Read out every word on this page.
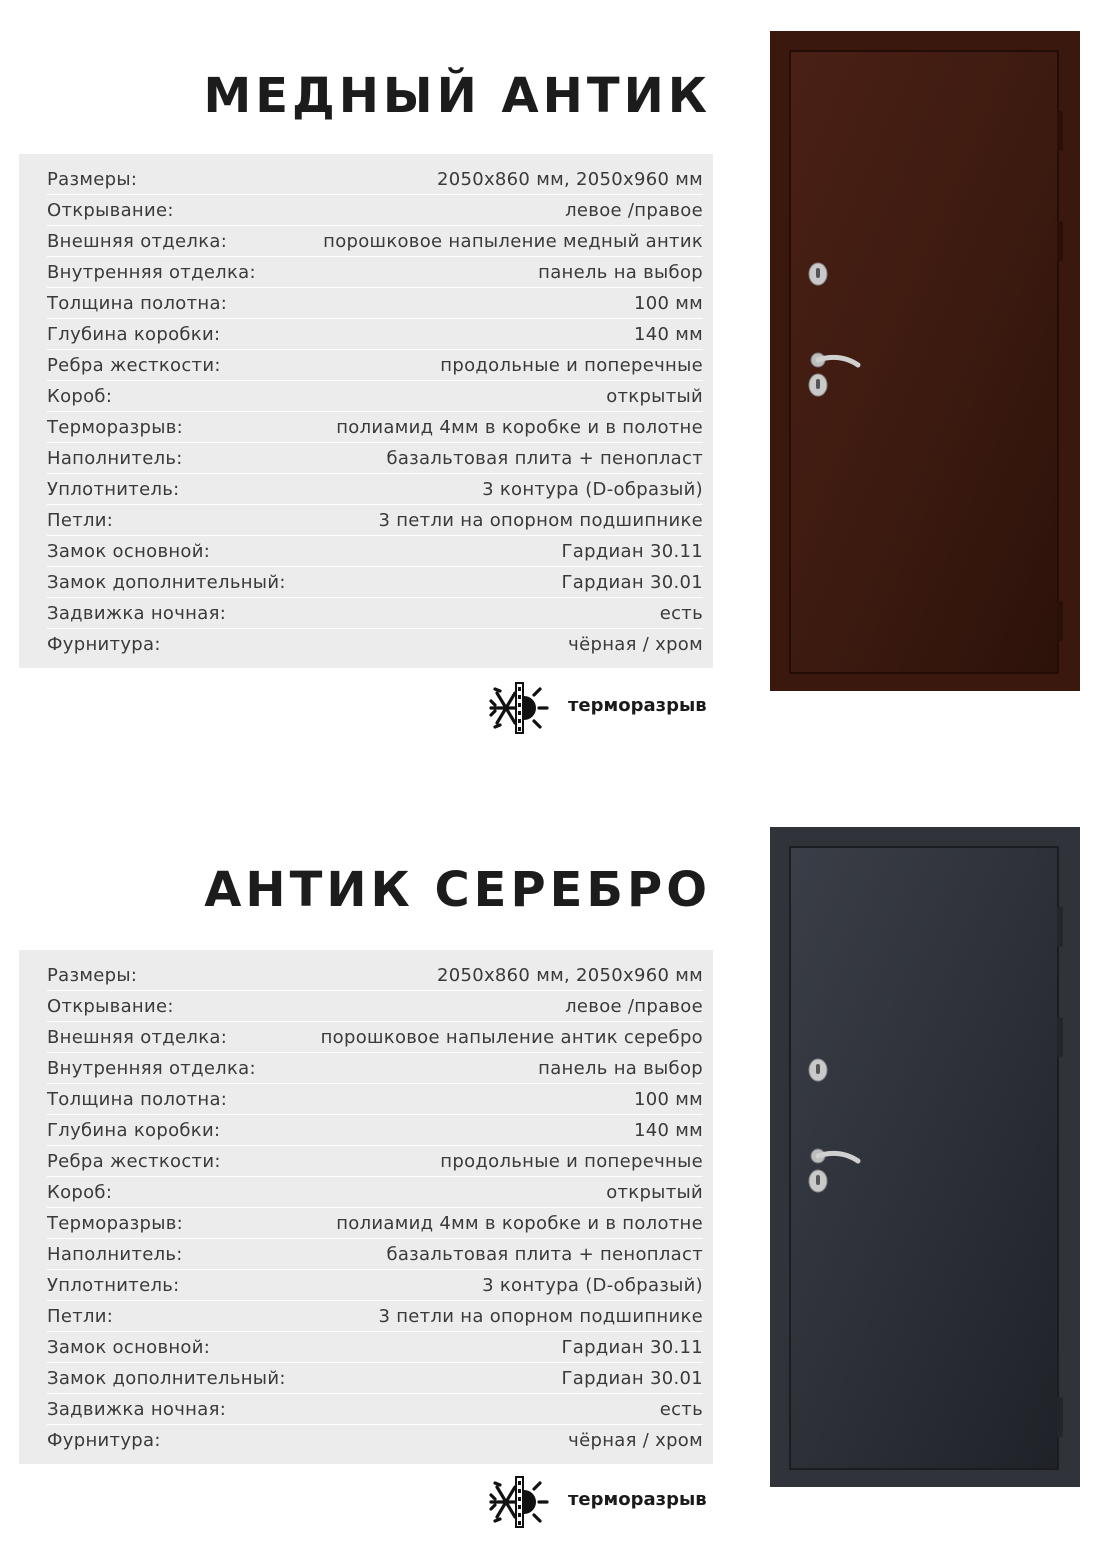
МЕДНЫЙ АНТИК
Размеры:	2050x860 мм, 2050x960 мм
Открывание:	левое /правое
Внешняя отделка:	порошковое напыление медный антик
Внутренняя отделка:	панель на выбор
Толщина полотна:	100 мм
Глубина коробки:	140 мм
Ребра жесткости:	продольные и поперечные
Короб:	открытый
Терморазрыв:	полиамид 4мм в коробке и в полотне
Наполнитель:	базальтовая плита + пенопласт
Уплотнитель:	3 контура (D-образый)
Петли:	3 петли на опорном подшипнике
Замок основной:	Гардиан 30.11
Замок дополнительный:	Гардиан 30.01
Задвижка ночная:	есть
Фурнитура:	чёрная / хром
терморазрыв
АНТИК СЕРЕБРО
Размеры:	2050x860 мм, 2050x960 мм
Открывание:	левое /правое
Внешняя отделка:	порошковое напыление антик серебро
Внутренняя отделка:	панель на выбор
Толщина полотна:	100 мм
Глубина коробки:	140 мм
Ребра жесткости:	продольные и поперечные
Короб:	открытый
Терморазрыв:	полиамид 4мм в коробке и в полотне
Наполнитель:	базальтовая плита + пенопласт
Уплотнитель:	3 контура (D-образый)
Петли:	3 петли на опорном подшипнике
Замок основной:	Гардиан 30.11
Замок дополнительный:	Гардиан 30.01
Задвижка ночная:	есть
Фурнитура:	чёрная / хром
терморазрыв
